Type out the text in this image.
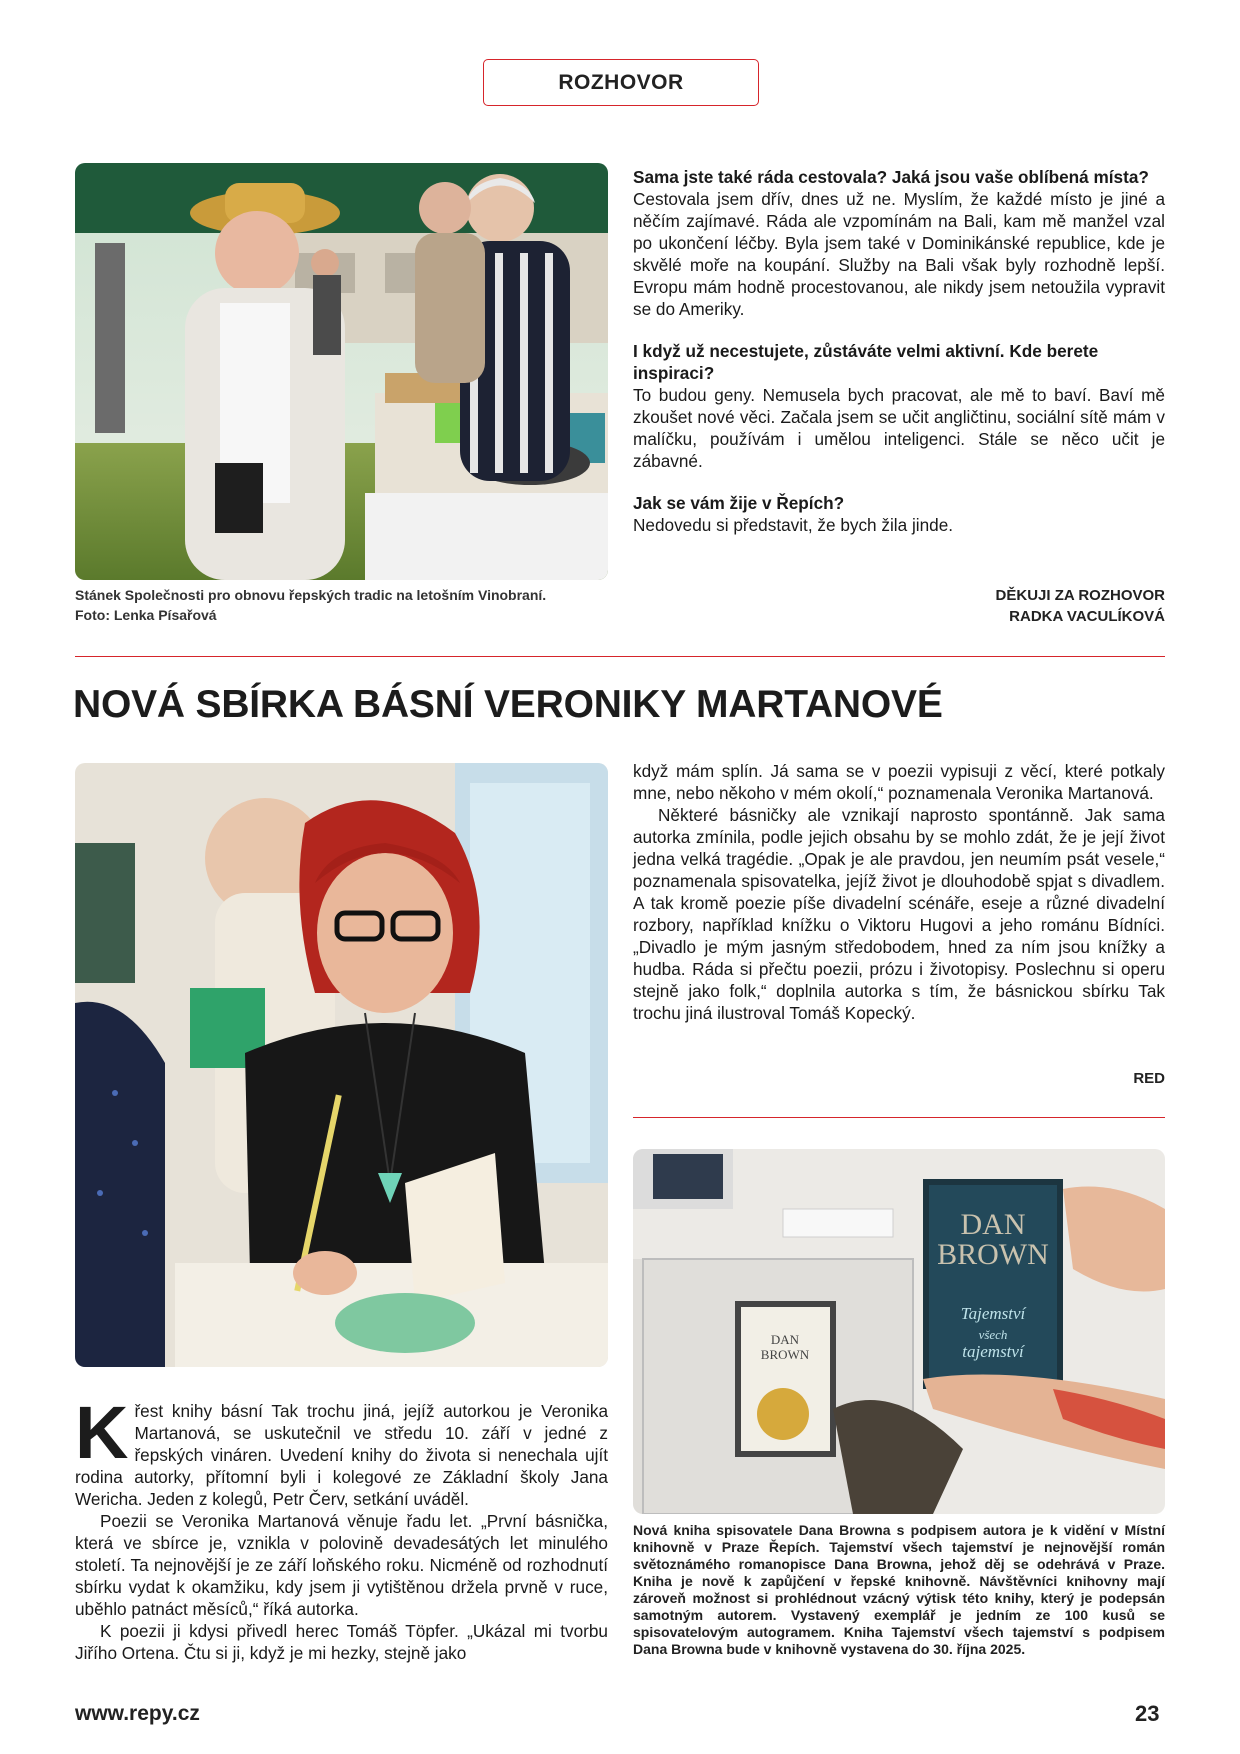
ROZHOVOR
Stánek Společnosti pro obnovu řepských tradic na letošním Vinobraní.
Foto: Lenka Písařová
Sama jste také ráda cestovala? Jaká jsou vaše oblíbená místa?

Cestovala jsem dřív, dnes už ne. Myslím, že každé místo je jiné a něčím zajímavé. Ráda ale vzpomínám na Bali, kam mě manžel vzal po ukončení léčby. Byla jsem také v Dominikánské republice, kde je skvělé moře na koupání. Služby na Bali však byly rozhodně lepší. Evropu mám hodně procestovanou, ale nikdy jsem netoužila vypravit se do Ameriky.

I když už necestujete, zůstáváte velmi aktivní. Kde berete inspiraci?

To budou geny. Nemusela bych pracovat, ale mě to baví. Baví mě zkoušet nové věci. Začala jsem se učit angličtinu, sociální sítě mám v malíčku, používám i umělou inteligenci. Stále se něco učit je zábavné.

Jak se vám žije v Řepích?

Nedovedu si představit, že bych žila jinde.

DĚKUJI ZA ROZHOVOR
RADKA VACULÍKOVÁ
NOVÁ SBÍRKA BÁSNÍ VERONIKY MARTANOVÉ
K řest knihy básní Tak trochu jiná, jejíž autorkou je Veronika Martanová, se uskutečnil ve středu 10. září v jedné z řepských vináren. Uvedení knihy do života si nenechala ujít rodina autorky, přítomní byli i kolegové ze Základní školy Jana Wericha. Jeden z kolegů, Petr Červ, setkání uváděl.

Poezii se Veronika Martanová věnuje řadu let. „První básnička, která ve sbírce je, vznikla v polovině devadesátých let minulého století. Ta nejnovější je ze září loňského roku. Nicméně od rozhodnutí sbírku vydat k okamžiku, kdy jsem ji vytištěnou držela prvně v ruce, uběhlo patnáct měsíců,“ říká autorka.

K poezii ji kdysi přivedl herec Tomáš Töpfer. „Ukázal mi tvorbu Jiřího Ortena. Čtu si ji, když je mi hezky, stejně jako

když mám splín. Já sama se v poezii vypisuji z věcí, které potkaly mne, nebo někoho v mém okolí,“ poznamenala Veronika Martanová.

Některé básničky ale vznikají naprosto spontánně. Jak sama autorka zmínila, podle jejich obsahu by se mohlo zdát, že je její život jedna velká tragédie. „Opak je ale pravdou, jen neumím psát vesele,“ poznamenala spisovatelka, jejíž život je dlouhodobě spjat s divadlem. A tak kromě poezie píše divadelní scénáře, eseje a různé divadelní rozbory, například knížku o Viktoru Hugovi a jeho románu Bídníci. „Divadlo je mým jasným středobodem, hned za ním jsou knížky a hudba. Ráda si přečtu poezii, prózu i životopisy. Poslechnu si operu stejně jako folk,“ doplnila autorka s tím, že básnickou sbírku Tak trochu jiná ilustroval Tomáš Kopecký.

RED
DAN
BROWN
DAN
BROWN
Tajemství
všech
tajemství
Nová kniha spisovatele Dana Browna s podpisem autora je k vidění v Místní knihovně v Praze Řepích. Tajemství všech tajemství je nejnovější román světoznámého romanopisce Dana Browna, jehož děj se odehrává v Praze. Kniha je nově k zapůjčení v řepské knihovně. Návštěvníci knihovny mají zároveň možnost si prohlédnout vzácný výtisk této knihy, který je podepsán samotným autorem. Vystavený exemplář je jedním ze 100 kusů se spisovatelovým autogramem. Kniha Tajemství všech tajemství s podpisem Dana Browna bude v knihovně vystavena do 30. října 2025.
www.repy.cz	23
